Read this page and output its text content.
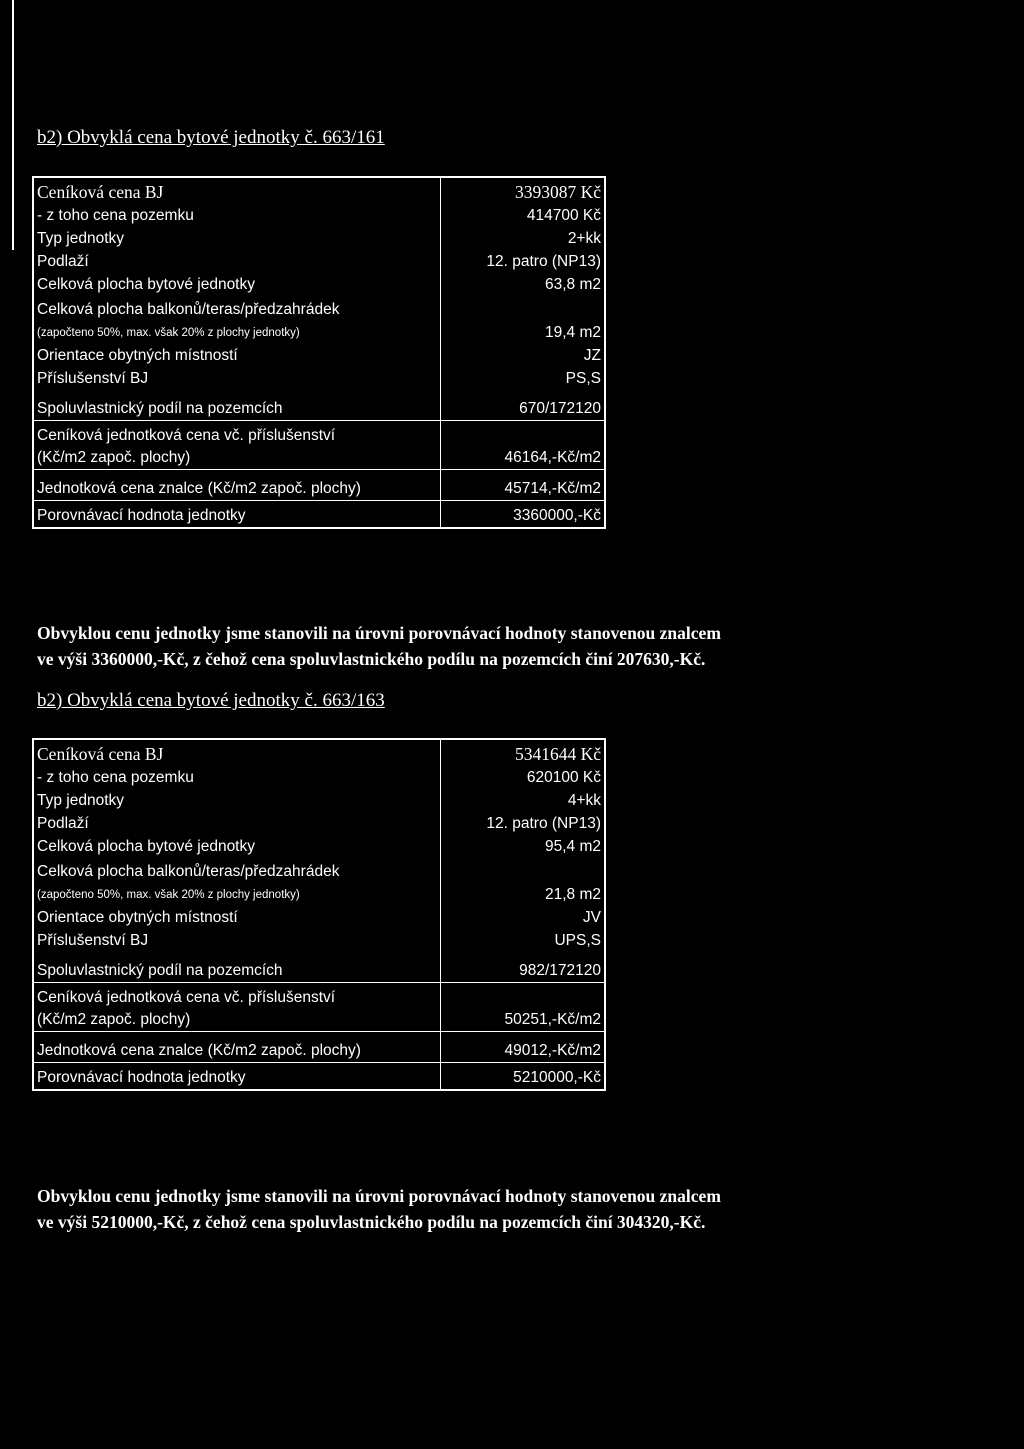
b2) Obvyklá cena bytové jednotky č. 663/161
Ceníková cena BJ	3393087 Kč
- z toho cena pozemku	414700 Kč
Typ jednotky	2+kk
Podlaží	12. patro (NP13)
Celková plocha bytové jednotky	63,8 m2
Celková plocha balkonů/teras/předzahrádek
(započteno 50%, max. však 20% z plochy jednotky)	19,4 m2
Orientace obytných místností	JZ
Příslušenství BJ	PS,S
Spoluvlastnický podíl na pozemcích	670/172120
Ceníková jednotková cena vč. příslušenství
(Kč/m2 započ. plochy)	46164,-Kč/m2
Jednotková cena znalce (Kč/m2 započ. plochy)	45714,-Kč/m2
Porovnávací hodnota jednotky	3360000,-Kč
Obvyklou cenu jednotky jsme stanovili na úrovni porovnávací hodnoty stanovenou znalcem
ve výši 3360000,-Kč, z čehož cena spoluvlastnického podílu na pozemcích činí 207630,-Kč.
b2) Obvyklá cena bytové jednotky č. 663/163
Ceníková cena BJ	5341644 Kč
- z toho cena pozemku	620100 Kč
Typ jednotky	4+kk
Podlaží	12. patro (NP13)
Celková plocha bytové jednotky	95,4 m2
Celková plocha balkonů/teras/předzahrádek
(započteno 50%, max. však 20% z plochy jednotky)	21,8 m2
Orientace obytných místností	JV
Příslušenství BJ	UPS,S
Spoluvlastnický podíl na pozemcích	982/172120
Ceníková jednotková cena vč. příslušenství
(Kč/m2 započ. plochy)	50251,-Kč/m2
Jednotková cena znalce (Kč/m2 započ. plochy)	49012,-Kč/m2
Porovnávací hodnota jednotky	5210000,-Kč
Obvyklou cenu jednotky jsme stanovili na úrovni porovnávací hodnoty stanovenou znalcem
ve výši 5210000,-Kč, z čehož cena spoluvlastnického podílu na pozemcích činí 304320,-Kč.
